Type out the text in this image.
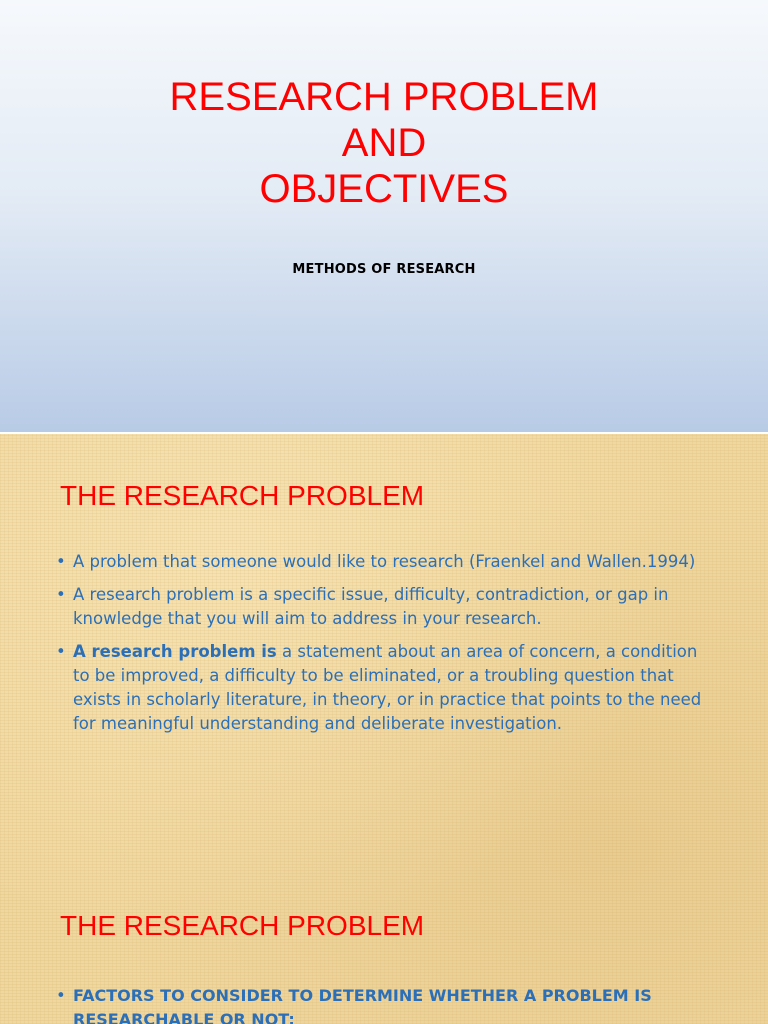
RESEARCH PROBLEM
AND
OBJECTIVES
METHODS OF RESEARCH
THE RESEARCH PROBLEM
• A problem that someone would like to research (Fraenkel and Wallen.1994)
• A research problem is a specific issue, difficulty, contradiction, or gap in knowledge that you will aim to address in your research.
• A research problem is a statement about an area of concern, a condition to be improved, a difficulty to be eliminated, or a troubling question that exists in scholarly literature, in theory, or in practice that points to the need for meaningful understanding and deliberate investigation.
THE RESEARCH PROBLEM
• FACTORS TO CONSIDER TO DETERMINE WHETHER A PROBLEM IS RESEARCHABLE OR NOT:
